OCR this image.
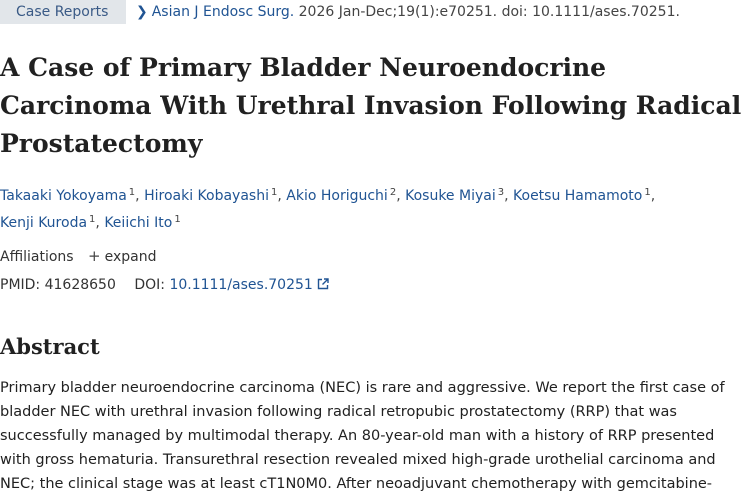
Case Reports	❯ Asian J Endosc Surg. 2026 Jan-Dec;19(1):e70251. doi: 10.1111/ases.70251.
A Case of Primary Bladder Neuroendocrine Carcinoma With Urethral Invasion Following Radical Prostatectomy
Takaaki Yokoyama $^1$, Hiroaki Kobayashi $^1$, Akio Horiguchi $^2$, Kosuke Miyai $^3$, Koetsu Hamamoto $^1$,
Kenji Kuroda $^1$, Keiichi Ito $^1$
Affiliations + expand
PMID: 41628650 DOI: 10.1111/ases.70251
Abstract

Primary bladder neuroendocrine carcinoma (NEC) is rare and aggressive. We report the first case of bladder NEC with urethral invasion following radical retropubic prostatectomy (RRP) that was successfully managed by multimodal therapy. An 80-year-old man with a history of RRP presented with gross hematuria. Transurethral resection revealed mixed high-grade urothelial carcinoma and NEC; the clinical stage was at least cT1N0M0. After neoadjuvant chemotherapy with gemcitabine-
